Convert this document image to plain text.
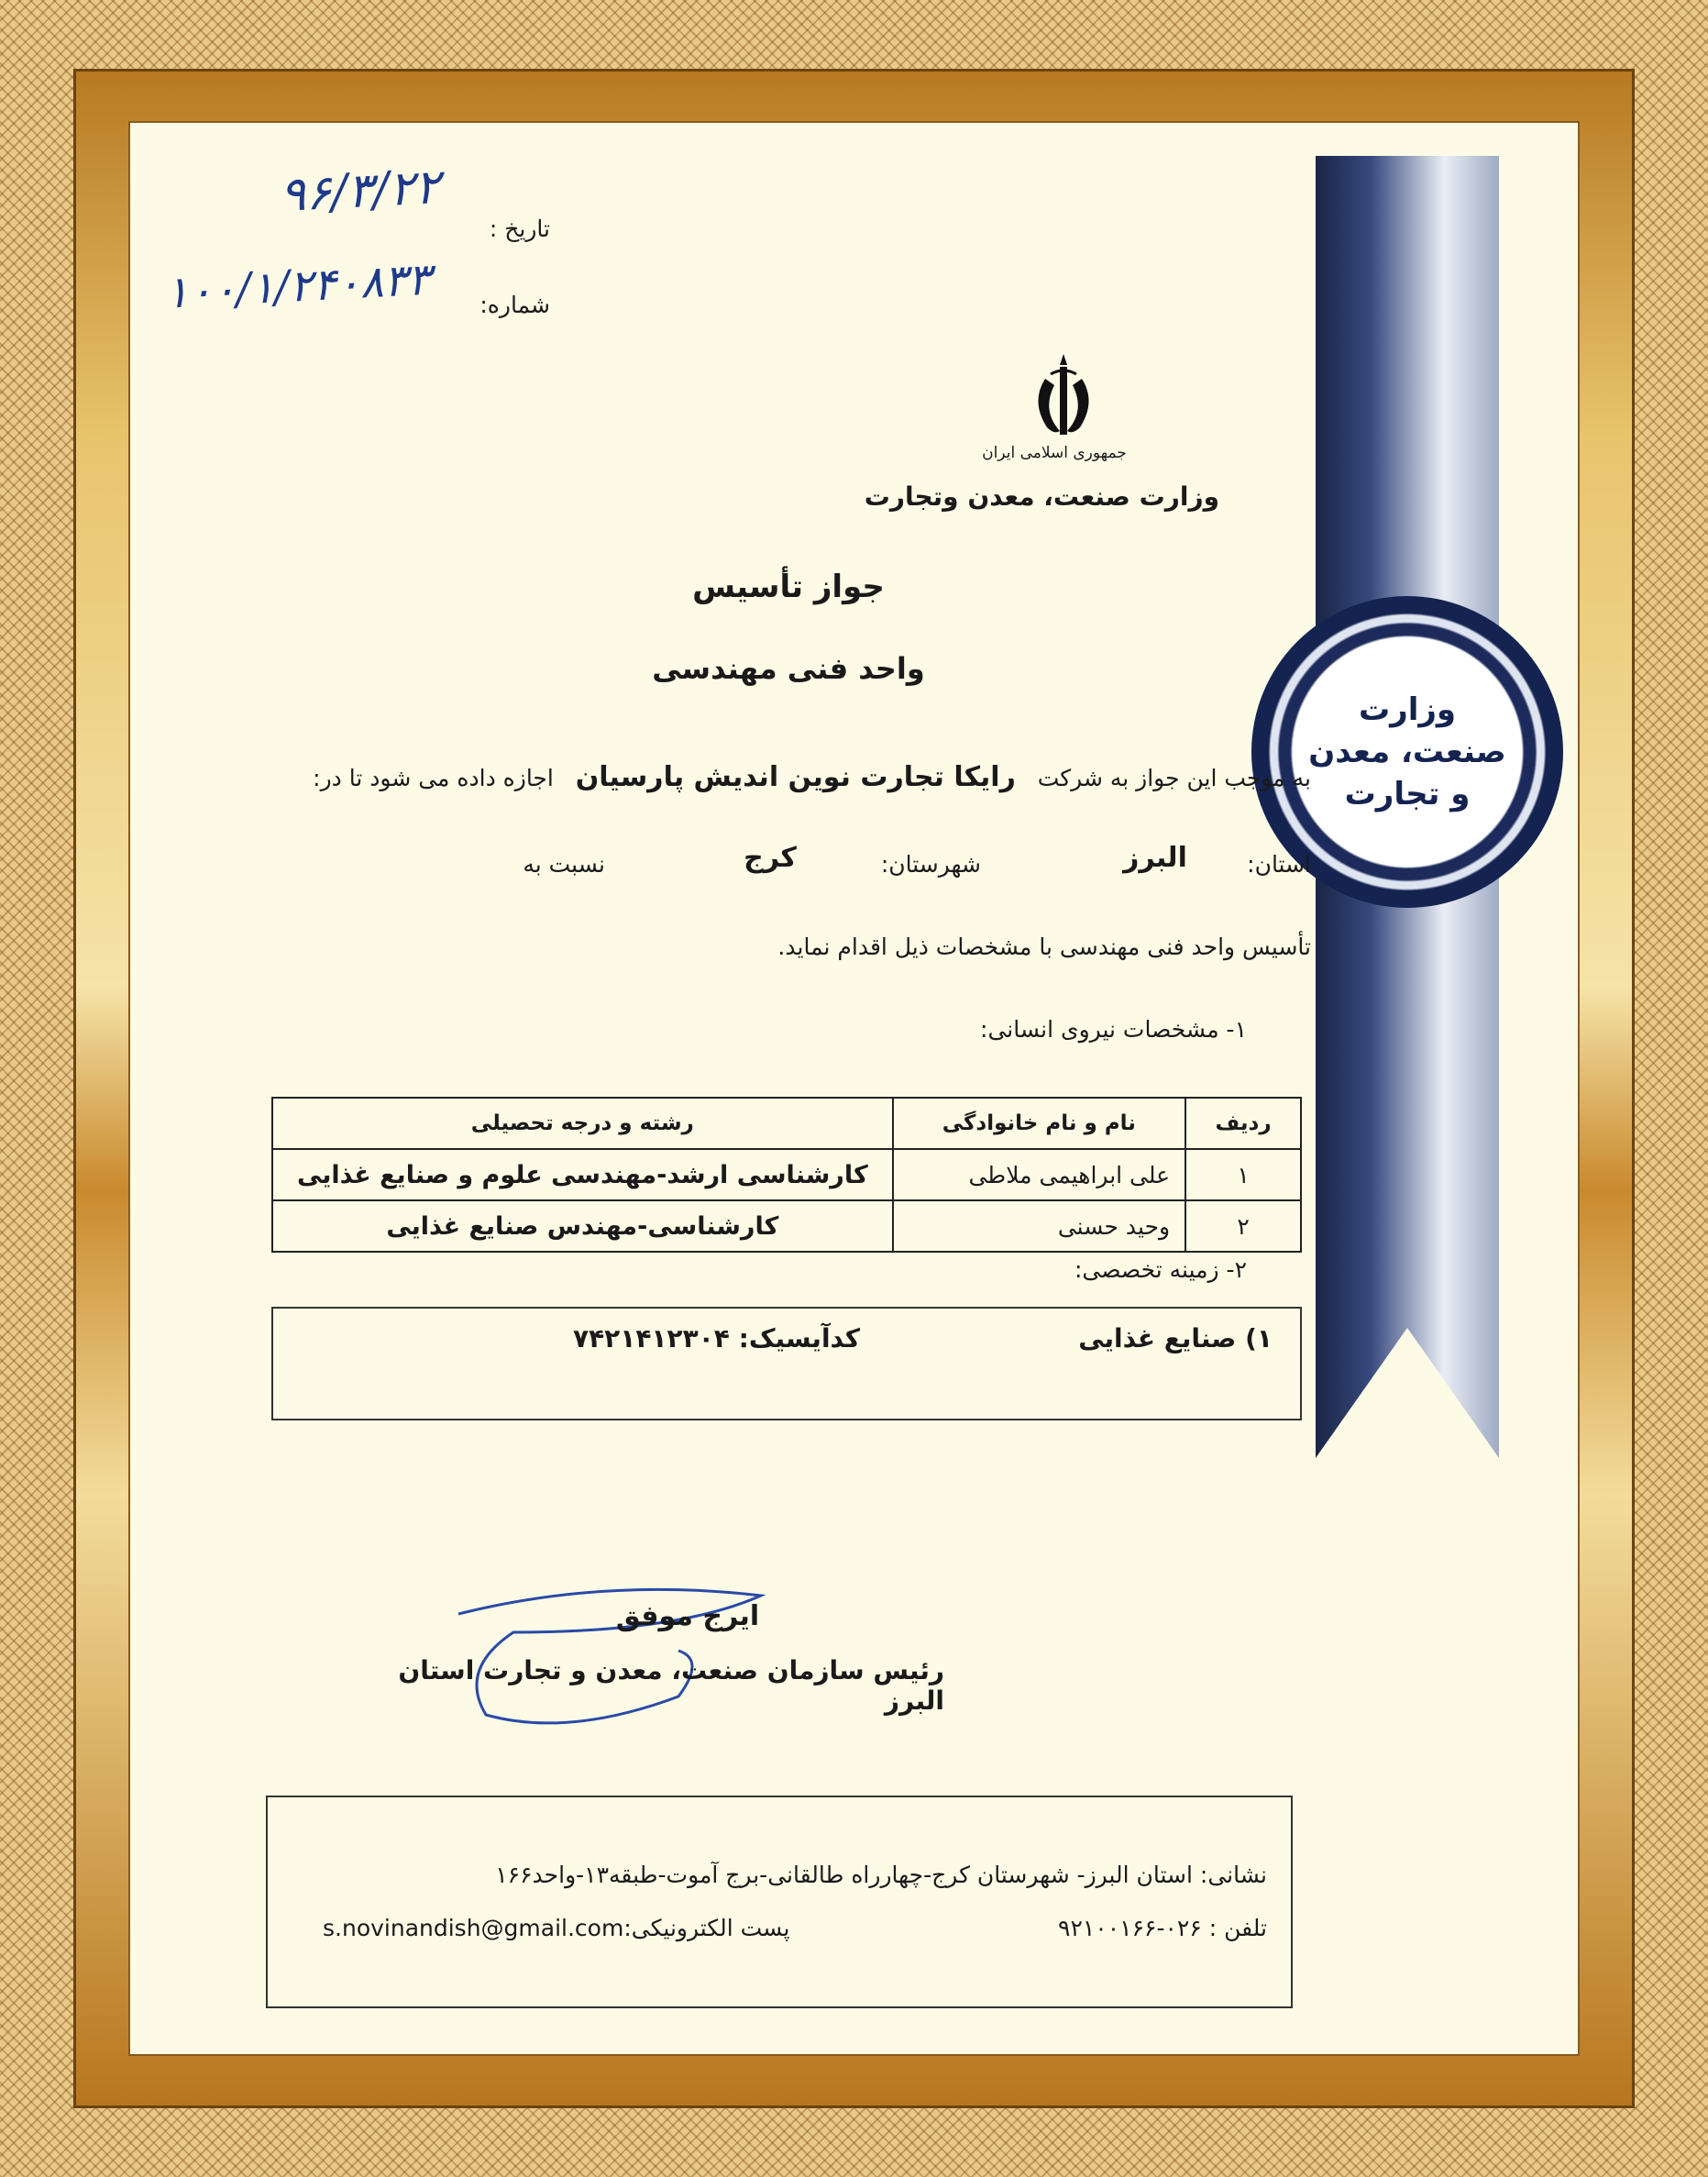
وزارت
صنعت، معدن
و تجارت
۹۶/۳/۲۲
تاریخ :
۱۰۰/۱/۲۴۰۸۳۳	شماره:
جمهوری اسلامی ایران
وزارت صنعت، معدن وتجارت
جواز تأسیس
واحد فنی مهندسی
به موجب این جواز به شرکت   رایکا تجارت نوین اندیش پارسیان   اجازه داده می شود تا در:
استان:
البرز
شهرستان:
کرج
نسبت به
تأسیس واحد فنی مهندسی با مشخصات ذیل اقدام نماید.
۱- مشخصات نیروی انسانی:
ردیف	نام و نام خانوادگی	رشته و درجه تحصیلی
۱	علی ابراهیمی ملاطی	کارشناسی ارشد-مهندسی علوم و صنایع غذایی
۲	وحید حسنی	کارشناسی-مهندس صنایع غذایی
۲- زمینه تخصصی:
۱) صنایع غذایی
کدآیسیک: ۷۴۲۱۴۱۲۳۰۴
ایرج موفق
رئیس سازمان صنعت، معدن و تجارت استان البرز
نشانی: استان البرز- شهرستان کرج-چهارراه طالقانی-برج آموت-طبقه۱۳-واحد۱۶۶
تلفن : ۰۲۶-۹۲۱۰۰۱۶۶
s.novinandish@gmail.comپست الکترونیکی:
